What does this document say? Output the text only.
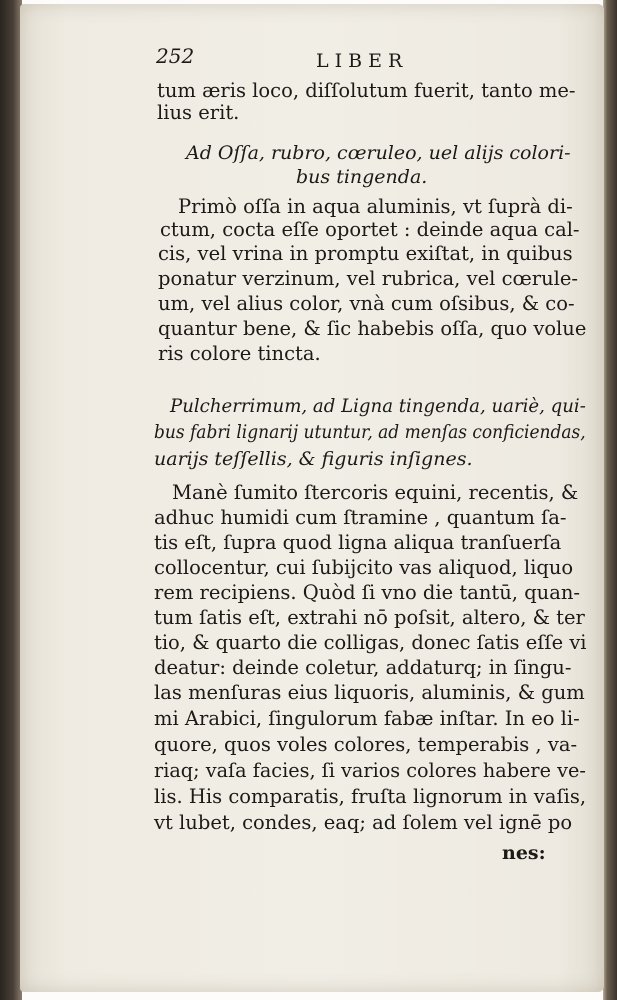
252	LIBER
tum æris loco, diſſolutum fuerit, tanto me-
lius erit.
Ad Oſſa, rubro, cœruleo, uel alijs colori-
bus tingenda.
Primò oſſa in aqua aluminis, vt ſuprà di-
ctum, cocta eſſe oportet : deinde aqua cal-
cis, vel vrina in promptu exiſtat, in quibus
ponatur verzinum, vel rubrica, vel cœrule-
um, vel alius color, vnà cum oſsibus, & co-
quantur bene, & ſic habebis oſſa, quo volue
ris colore tincta.
Pulcherrimum, ad Ligna tingenda, uariè, qui-
bus fabri lignarij utuntur, ad menſas conficiendas,
uarijs teſſellis, & figuris inſignes.
Manè ſumito ſtercoris equini, recentis, &
adhuc humidi cum ſtramine , quantum ſa-
tis eſt, ſupra quod ligna aliqua tranſuerſa
collocentur, cui ſubijcito vas aliquod, liquo
rem recipiens. Quòd ſi vno die tantū, quan-
tum ſatis eſt, extrahi nō poſsit, altero, & ter
tio, & quarto die colligas, donec ſatis eſſe vi
deatur: deinde coletur, addaturq; in ſingu-
las menſuras eius liquoris, aluminis, & gum
mi Arabici, ſingulorum fabæ inſtar. In eo li-
quore, quos voles colores, temperabis , va-
riaq; vaſa facies, ſi varios colores habere ve-
lis. His comparatis, fruſta lignorum in vaſis,
vt lubet, condes, eaq; ad ſolem vel ignē po
nes:
